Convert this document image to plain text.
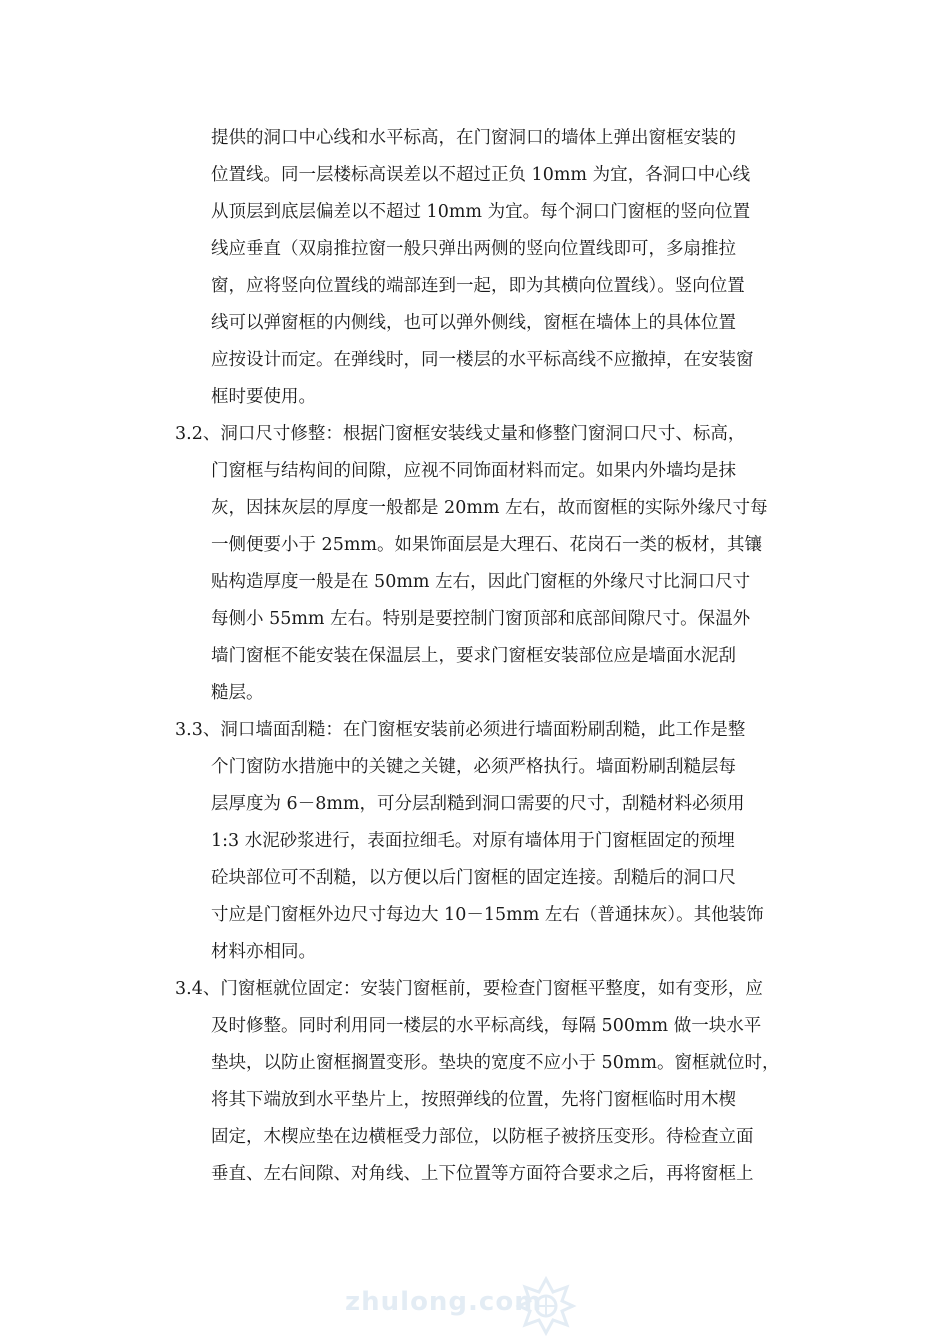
提供的洞口中心线和水平标高，在门窗洞口的墙体上弹出窗框安装的
位置线。同一层楼标高误差以不超过正负 10mm 为宜，各洞口中心线
从顶层到底层偏差以不超过 10mm 为宜。每个洞口门窗框的竖向位置
线应垂直（双扇推拉窗一般只弹出两侧的竖向位置线即可，多扇推拉
窗，应将竖向位置线的端部连到一起，即为其横向位置线）。竖向位置
线可以弹窗框的内侧线，也可以弹外侧线，窗框在墙体上的具体位置
应按设计而定。在弹线时，同一楼层的水平标高线不应撤掉，在安装窗
框时要使用。
3.2、洞口尺寸修整：根据门窗框安装线丈量和修整门窗洞口尺寸、标高，
门窗框与结构间的间隙，应视不同饰面材料而定。如果内外墙均是抹
灰，因抹灰层的厚度一般都是 20mm 左右，故而窗框的实际外缘尺寸每
一侧便要小于 25mm。如果饰面层是大理石、花岗石一类的板材，其镶
贴构造厚度一般是在 50mm 左右，因此门窗框的外缘尺寸比洞口尺寸
每侧小 55mm 左右。特别是要控制门窗顶部和底部间隙尺寸。保温外
墙门窗框不能安装在保温层上，要求门窗框安装部位应是墙面水泥刮
糙层。
3.3、洞口墙面刮糙：在门窗框安装前必须进行墙面粉刷刮糙，此工作是整
个门窗防水措施中的关键之关键，必须严格执行。墙面粉刷刮糙层每
层厚度为 6－8mm，可分层刮糙到洞口需要的尺寸，刮糙材料必须用
1:3 水泥砂浆进行，表面拉细毛。对原有墙体用于门窗框固定的预埋
砼块部位可不刮糙，以方便以后门窗框的固定连接。刮糙后的洞口尺
寸应是门窗框外边尺寸每边大 10－15mm 左右（普通抹灰）。其他装饰
材料亦相同。
3.4、门窗框就位固定：安装门窗框前，要检查门窗框平整度，如有变形，应
及时修整。同时利用同一楼层的水平标高线，每隔 500mm 做一块水平
垫块，以防止窗框搁置变形。垫块的宽度不应小于 50mm。窗框就位时，
将其下端放到水平垫片上，按照弹线的位置，先将门窗框临时用木楔
固定，木楔应垫在边横框受力部位，以防框子被挤压变形。待检查立面
垂直、左右间隙、对角线、上下位置等方面符合要求之后，再将窗框上
zhulong.com
